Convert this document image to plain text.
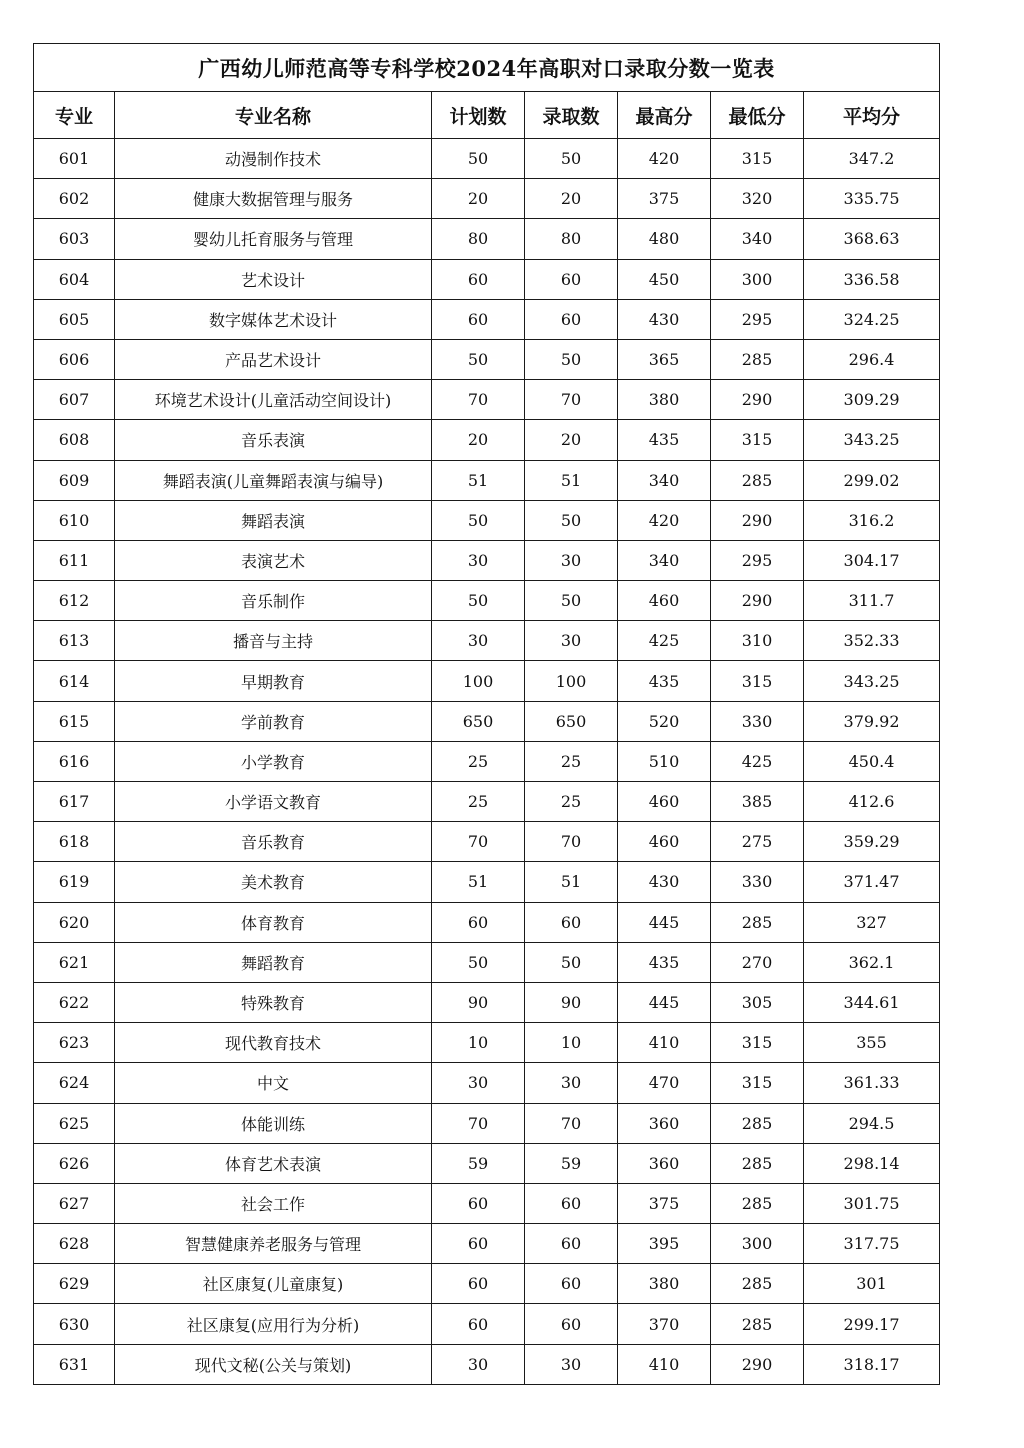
广西幼儿师范高等专科学校2024年高职对口录取分数一览表						
专业	专业名称	计划数	录取数	最高分	最低分	平均分
601	动漫制作技术	50	50	420	315	347.2
602	健康大数据管理与服务	20	20	375	320	335.75
603	婴幼儿托育服务与管理	80	80	480	340	368.63
604	艺术设计	60	60	450	300	336.58
605	数字媒体艺术设计	60	60	430	295	324.25
606	产品艺术设计	50	50	365	285	296.4
607	环境艺术设计(儿童活动空间设计)	70	70	380	290	309.29
608	音乐表演	20	20	435	315	343.25
609	舞蹈表演(儿童舞蹈表演与编导)	51	51	340	285	299.02
610	舞蹈表演	50	50	420	290	316.2
611	表演艺术	30	30	340	295	304.17
612	音乐制作	50	50	460	290	311.7
613	播音与主持	30	30	425	310	352.33
614	早期教育	100	100	435	315	343.25
615	学前教育	650	650	520	330	379.92
616	小学教育	25	25	510	425	450.4
617	小学语文教育	25	25	460	385	412.6
618	音乐教育	70	70	460	275	359.29
619	美术教育	51	51	430	330	371.47
620	体育教育	60	60	445	285	327
621	舞蹈教育	50	50	435	270	362.1
622	特殊教育	90	90	445	305	344.61
623	现代教育技术	10	10	410	315	355
624	中文	30	30	470	315	361.33
625	体能训练	70	70	360	285	294.5
626	体育艺术表演	59	59	360	285	298.14
627	社会工作	60	60	375	285	301.75
628	智慧健康养老服务与管理	60	60	395	300	317.75
629	社区康复(儿童康复)	60	60	380	285	301
630	社区康复(应用行为分析)	60	60	370	285	299.17
631	现代文秘(公关与策划)	30	30	410	290	318.17
